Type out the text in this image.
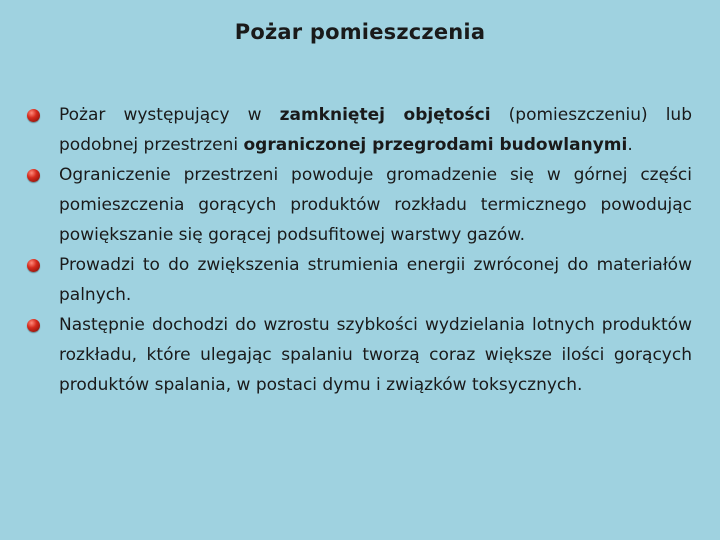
Pożar pomieszczenia
Pożar występujący w zamkniętej objętości (pomieszczeniu) lub podobnej przestrzeni ograniczonej przegrodami budowlanymi.
Ograniczenie przestrzeni powoduje gromadzenie się w górnej części pomieszczenia gorących produktów rozkładu termicznego powodując powiększanie się gorącej podsufitowej warstwy gazów.
Prowadzi to do zwiększenia strumienia energii zwróconej do materiałów palnych.
Następnie dochodzi do wzrostu szybkości wydzielania lotnych produktów rozkładu, które ulegając spalaniu tworzą coraz większe ilości gorących produktów spalania, w postaci dymu i związków toksycznych.
